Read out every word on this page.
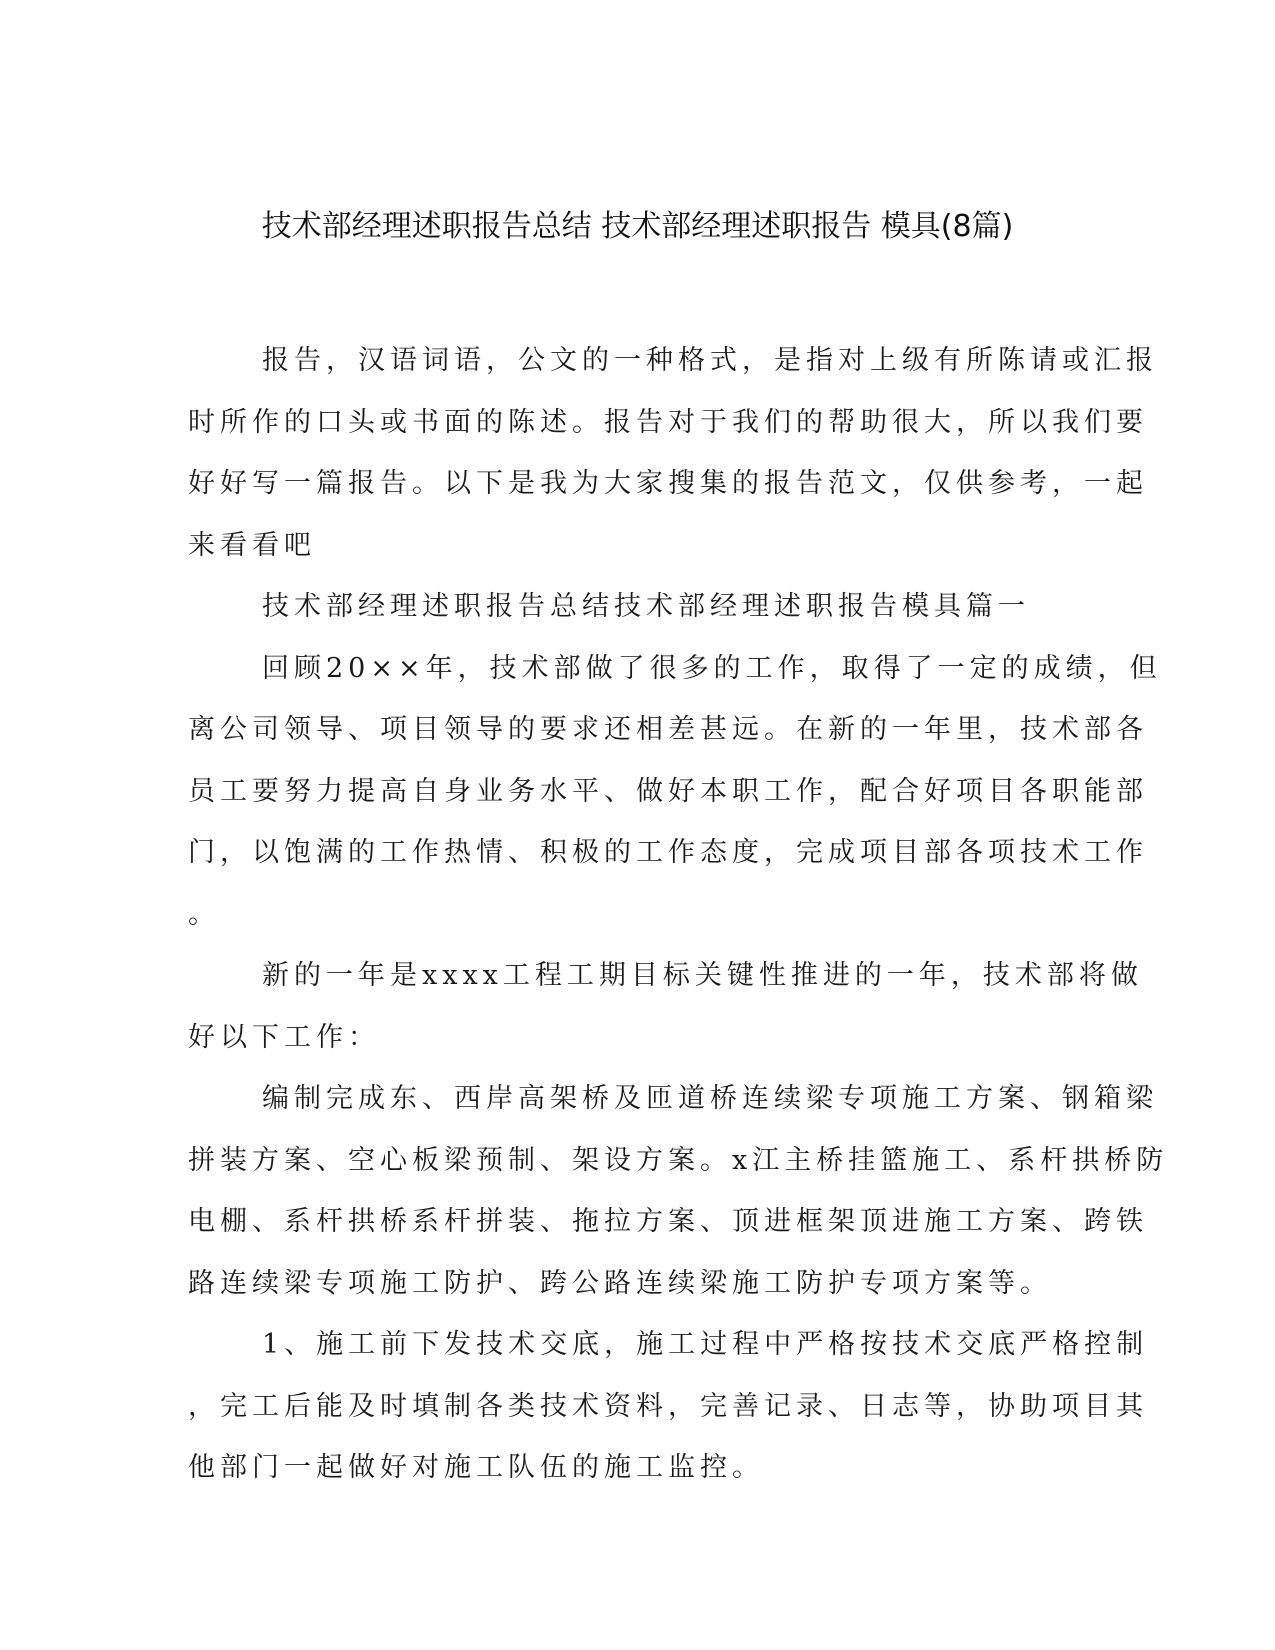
技术部经理述职报告总结 技术部经理述职报告 模具(8篇)

报告，汉语词语，公文的一种格式，是指对上级有所陈请或汇报
时所作的口头或书面的陈述。报告对于我们的帮助很大，所以我们要
好好写一篇报告。以下是我为大家搜集的报告范文，仅供参考，一起
来看看吧

技术部经理述职报告总结技术部经理述职报告模具篇一

回顾20××年，技术部做了很多的工作，取得了一定的成绩，但
离公司领导、项目领导的要求还相差甚远。在新的一年里，技术部各
员工要努力提高自身业务水平、做好本职工作，配合好项目各职能部
门，以饱满的工作热情、积极的工作态度，完成项目部各项技术工作
。

新的一年是xxxx工程工期目标关键性推进的一年，技术部将做
好以下工作：

编制完成东、西岸高架桥及匝道桥连续梁专项施工方案、钢箱梁
拼装方案、空心板梁预制、架设方案。x江主桥挂篮施工、系杆拱桥防
电棚、系杆拱桥系杆拼装、拖拉方案、顶进框架顶进施工方案、跨铁
路连续梁专项施工防护、跨公路连续梁施工防护专项方案等。

1、施工前下发技术交底，施工过程中严格按技术交底严格控制
，完工后能及时填制各类技术资料，完善记录、日志等，协助项目其
他部门一起做好对施工队伍的施工监控。
